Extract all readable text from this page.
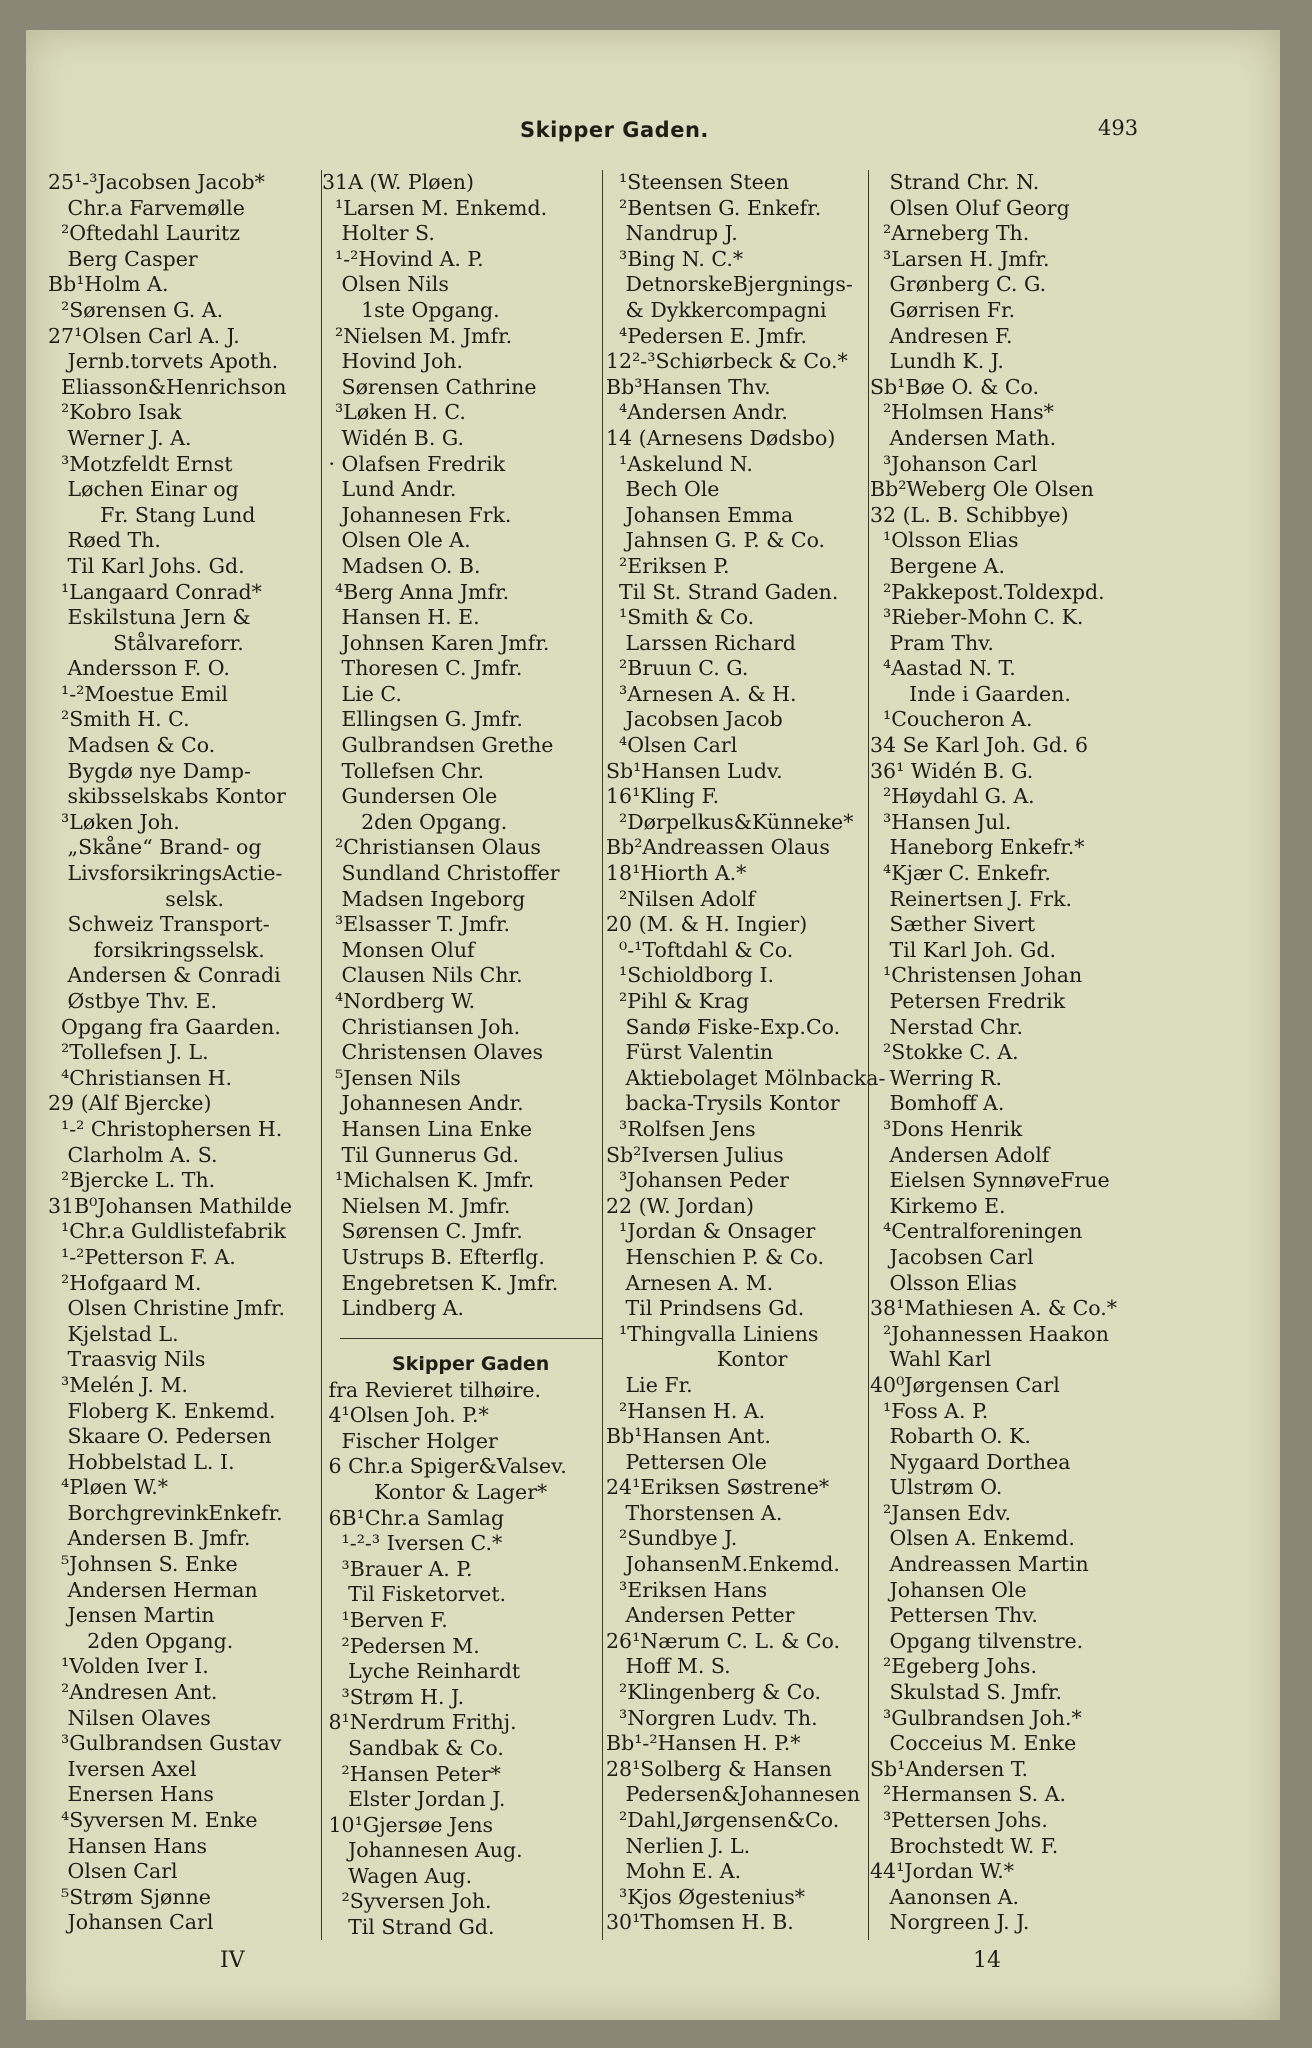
Skipper Gaden.	493
25¹-³Jacobsen Jacob*
Chr.a Farvemølle
²Oftedahl Lauritz
Berg Casper
Bb¹Holm A.
²Sørensen G. A.
27¹Olsen Carl A. J.
Jernb.torvets Apoth.
Eliasson&Henrichson
²Kobro Isak
Werner J. A.
³Motzfeldt Ernst
Løchen Einar og
Fr. Stang Lund
Røed Th.
Til Karl Johs. Gd.
¹Langaard Conrad*
Eskilstuna Jern &
Stålvareforr.
Andersson F. O.
¹-²Moestue Emil
²Smith H. C.
Madsen & Co.
Bygdø nye Damp-
skibsselskabs Kontor
³Løken Joh.
„Skåne“ Brand- og
LivsforsikringsActie-
selsk.
Schweiz Transport-
forsikringsselsk.
Andersen & Conradi
Østbye Thv. E.
Opgang fra Gaarden.
²Tollefsen J. L.
⁴Christiansen H.
29 (Alf Bjercke)
¹-² Christophersen H.
Clarholm A. S.
²Bjercke L. Th.
31B⁰Johansen Mathilde
¹Chr.a Guldlistefabrik
¹-²Petterson F. A.
²Hofgaard M.
Olsen Christine Jmfr.
Kjelstad L.
Traasvig Nils
³Melén J. M.
Floberg K. Enkemd.
Skaare O. Pedersen
Hobbelstad L. I.
⁴Pløen W.*
BorchgrevinkEnkefr.
Andersen B. Jmfr.
⁵Johnsen S. Enke
Andersen Herman
Jensen Martin
2den Opgang.
¹Volden Iver I.
²Andresen Ant.
Nilsen Olaves
³Gulbrandsen Gustav
Iversen Axel
Enersen Hans
⁴Syversen M. Enke
Hansen Hans
Olsen Carl
⁵Strøm Sjønne
Johansen Carl
31A (W. Pløen)
¹Larsen M. Enkemd.
Holter S.
¹-²Hovind A. P.
Olsen Nils
1ste Opgang.
²Nielsen M. Jmfr.
Hovind Joh.
Sørensen Cathrine
³Løken H. C.
Widén B. G.
· Olafsen Fredrik
Lund Andr.
Johannesen Frk.
Olsen Ole A.
Madsen O. B.
⁴Berg Anna Jmfr.
Hansen H. E.
Johnsen Karen Jmfr.
Thoresen C. Jmfr.
Lie C.
Ellingsen G. Jmfr.
Gulbrandsen Grethe
Tollefsen Chr.
Gundersen Ole
2den Opgang.
²Christiansen Olaus
Sundland Christoffer
Madsen Ingeborg
³Elsasser T. Jmfr.
Monsen Oluf
Clausen Nils Chr.
⁴Nordberg W.
Christiansen Joh.
Christensen Olaves
⁵Jensen Nils
Johannesen Andr.
Hansen Lina Enke
Til Gunnerus Gd.
¹Michalsen K. Jmfr.
Nielsen M. Jmfr.
Sørensen C. Jmfr.
Ustrups B. Efterflg.
Engebretsen K. Jmfr.
Lindberg A.
¹Steensen Steen
²Bentsen G. Enkefr.
Nandrup J.
³Bing N. C.*
DetnorskeBjergnings-
& Dykkercompagni
⁴Pedersen E. Jmfr.
12²-³Schiørbeck & Co.*
Bb³Hansen Thv.
⁴Andersen Andr.
14 (Arnesens Dødsbo)
¹Askelund N.
Bech Ole
Johansen Emma
Jahnsen G. P. & Co.
²Eriksen P.
Til St. Strand Gaden.
¹Smith & Co.
Larssen Richard
²Bruun C. G.
³Arnesen A. & H.
Jacobsen Jacob
⁴Olsen Carl
Sb¹Hansen Ludv.
16¹Kling F.
²Dørpelkus&Künneke*
Bb²Andreassen Olaus
18¹Hiorth A.*
²Nilsen Adolf
20 (M. & H. Ingier)
⁰-¹Toftdahl & Co.
¹Schioldborg I.
²Pihl & Krag
Sandø Fiske-Exp.Co.
Fürst Valentin
Aktiebolaget Mölnbacka-
backa-Trysils Kontor
³Rolfsen Jens
Sb²Iversen Julius
³Johansen Peder
22 (W. Jordan)
¹Jordan & Onsager
Henschien P. & Co.
Arnesen A. M.
Til Prindsens Gd.
¹Thingvalla Liniens
Kontor
Lie Fr.
²Hansen H. A.
Bb¹Hansen Ant.
Pettersen Ole
24¹Eriksen Søstrene*
Thorstensen A.
²Sundbye J.
JohansenM.Enkemd.
³Eriksen Hans
Andersen Petter
26¹Nærum C. L. & Co.
Hoff M. S.
²Klingenberg & Co.
³Norgren Ludv. Th.
Bb¹-²Hansen H. P.*
28¹Solberg & Hansen
Pedersen&Johannesen
²Dahl,Jørgensen&Co.
Nerlien J. L.
Mohn E. A.
³Kjos Øgestenius*
30¹Thomsen H. B.
Strand Chr. N.
Olsen Oluf Georg
²Arneberg Th.
³Larsen H. Jmfr.
Grønberg C. G.
Gørrisen Fr.
Andresen F.
Lundh K. J.
Sb¹Bøe O. & Co.
²Holmsen Hans*
Andersen Math.
³Johanson Carl
Bb²Weberg Ole Olsen
32 (L. B. Schibbye)
¹Olsson Elias
Bergene A.
²Pakkepost.Toldexpd.
³Rieber-Mohn C. K.
Pram Thv.
⁴Aastad N. T.
Inde i Gaarden.
¹Coucheron A.
34 Se Karl Joh. Gd. 6
36¹ Widén B. G.
²Høydahl G. A.
³Hansen Jul.
Haneborg Enkefr.*
⁴Kjær C. Enkefr.
Reinertsen J. Frk.
Sæther Sivert
Til Karl Joh. Gd.
¹Christensen Johan
Petersen Fredrik
Nerstad Chr.
²Stokke C. A.
Werring R.
Bomhoff A.
³Dons Henrik
Andersen Adolf
Eielsen SynnøveFrue
Kirkemo E.
⁴Centralforeningen
Jacobsen Carl
Olsson Elias
38¹Mathiesen A. & Co.*
²Johannessen Haakon
Wahl Karl
40⁰Jørgensen Carl
¹Foss A. P.
Robarth O. K.
Nygaard Dorthea
Ulstrøm O.
²Jansen Edv.
Olsen A. Enkemd.
Andreassen Martin
Johansen Ole
Pettersen Thv.
Opgang tilvenstre.
²Egeberg Johs.
Skulstad S. Jmfr.
³Gulbrandsen Joh.*
Cocceius M. Enke
Sb¹Andersen T.
²Hermansen S. A.
³Pettersen Johs.
Brochstedt W. F.
44¹Jordan W.*
Aanonsen A.
Norgreen J. J.
Skipper Gaden
fra Revieret tilhøire.
4¹Olsen Joh. P.*
Fischer Holger
6 Chr.a Spiger&Valsev.
Kontor & Lager*
6B¹Chr.a Samlag
¹-²-³ Iversen C.*
³Brauer A. P.
Til Fisketorvet.
¹Berven F.
²Pedersen M.
Lyche Reinhardt
³Strøm H. J.
8¹Nerdrum Frithj.
Sandbak & Co.
²Hansen Peter*
Elster Jordan J.
10¹Gjersøe Jens
Johannesen Aug.
Wagen Aug.
²Syversen Joh.
Til Strand Gd.
IV	14
